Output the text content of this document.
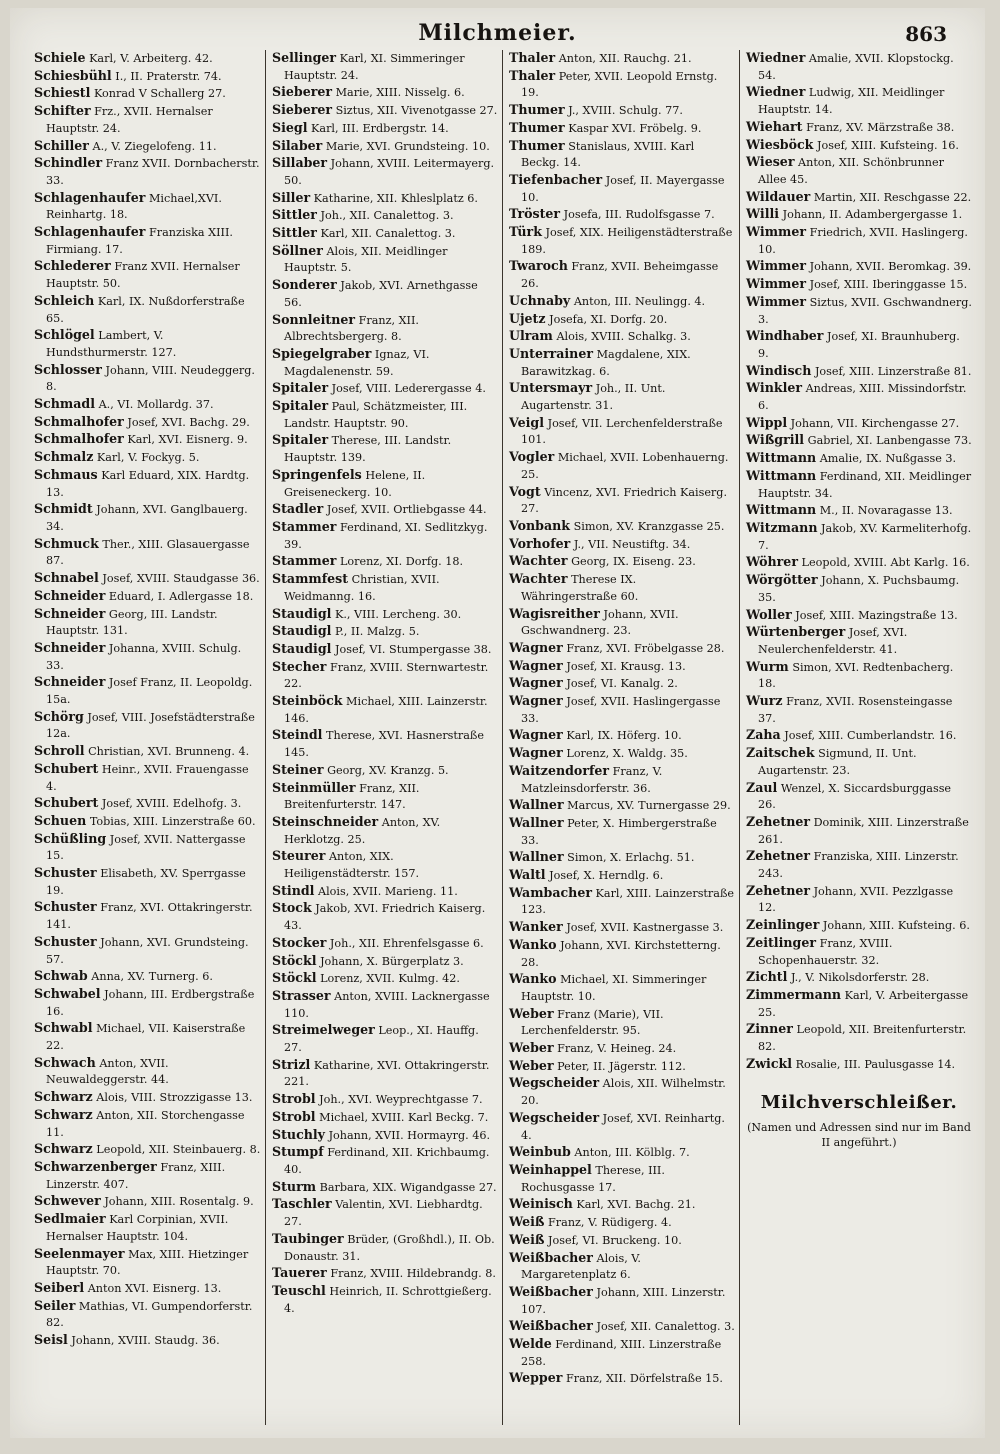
Milchmeier.	863

Schiele Karl, V. Arbeiterg. 42.

Schiesbühl I., II. Praterstr. 74.

Schiestl Konrad V Schallerg 27.

Schifter Frz., XVII. Hernalser Hauptstr. 24.

Schiller A., V. Ziegelofeng. 11.

Schindler Franz XVII. Dornbacherstr. 33.

Schlagenhaufer Michael,XVI. Reinhartg. 18.

Schlagenhaufer Franziska XIII. Firmiang. 17.

Schlederer Franz XVII. Hernalser Hauptstr. 50.

Schleich Karl, IX. Nußdorferstraße 65.

Schlögel Lambert, V. Hundsthurmerstr. 127.

Schlosser Johann, VIII. Neudeggerg. 8.

Schmadl A., VI. Mollardg. 37.

Schmalhofer Josef, XVI. Bachg. 29.

Schmalhofer Karl, XVI. Eisnerg. 9.

Schmalz Karl, V. Fockyg. 5.

Schmaus Karl Eduard, XIX. Hardtg. 13.

Schmidt Johann, XVI. Ganglbauerg. 34.

Schmuck Ther., XIII. Glasauergasse 87.

Schnabel Josef, XVIII. Staudgasse 36.

Schneider Eduard, I. Adlergasse 18.

Schneider Georg, III. Landstr. Hauptstr. 131.

Schneider Johanna, XVIII. Schulg. 33.

Schneider Josef Franz, II. Leopoldg. 15a.

Schörg Josef, VIII. Josefstädterstraße 12a.

Schroll Christian, XVI. Brunneng. 4.

Schubert Heinr., XVII. Frauengasse 4.

Schubert Josef, XVIII. Edelhofg. 3.

Schuen Tobias, XIII. Linzerstraße 60.

Schüßling Josef, XVII. Nattergasse 15.

Schuster Elisabeth, XV. Sperrgasse 19.

Schuster Franz, XVI. Ottakringerstr. 141.

Schuster Johann, XVI. Grundsteing. 57.

Schwab Anna, XV. Turnerg. 6.

Schwabel Johann, III. Erdbergstraße 16.

Schwabl Michael, VII. Kaiserstraße 22.

Schwach Anton, XVII. Neuwaldeggerstr. 44.

Schwarz Alois, VIII. Strozzigasse 13.

Schwarz Anton, XII. Storchengasse 11.

Schwarz Leopold, XII. Steinbauerg. 8.

Schwarzenberger Franz, XIII. Linzerstr. 407.

Schwever Johann, XIII. Rosentalg. 9.

Sedlmaier Karl Corpinian, XVII. Hernalser Hauptstr. 104.

Seelenmayer Max, XIII. Hietzinger Hauptstr. 70.

Seiberl Anton XVI. Eisnerg. 13.

Seiler Mathias, VI. Gumpendorferstr. 82.

Seisl Johann, XVIII. Staudg. 36.

Sellinger Karl, XI. Simmeringer Hauptstr. 24.

Sieberer Marie, XIII. Nisselg. 6.

Sieberer Siztus, XII. Vivenotgasse 27.

Siegl Karl, III. Erdbergstr. 14.

Silaber Marie, XVI. Grundsteing. 10.

Sillaber Johann, XVIII. Leitermayerg. 50.

Siller Katharine, XII. Khleslplatz 6.

Sittler Joh., XII. Canalettog. 3.

Sittler Karl, XII. Canalettog. 3.

Söllner Alois, XII. Meidlinger Hauptstr. 5.

Sonderer Jakob, XVI. Arnethgasse 56.

Sonnleitner Franz, XII. Albrechtsbergerg. 8.

Spiegelgraber Ignaz, VI. Magdalenenstr. 59.

Spitaler Josef, VIII. Lederergasse 4.

Spitaler Paul, Schätzmeister, III. Landstr. Hauptstr. 90.

Spitaler Therese, III. Landstr. Hauptstr. 139.

Springenfels Helene, II. Greiseneckerg. 10.

Stadler Josef, XVII. Ortliebgasse 44.

Stammer Ferdinand, XI. Sedlitzkyg. 39.

Stammer Lorenz, XI. Dorfg. 18.

Stammfest Christian, XVII. Weidmanng. 16.

Staudigl K., VIII. Lercheng. 30.

Staudigl P., II. Malzg. 5.

Staudigl Josef, VI. Stumpergasse 38.

Stecher Franz, XVIII. Sternwartestr. 22.

Steinböck Michael, XIII. Lainzerstr. 146.

Steindl Therese, XVI. Hasnerstraße 145.

Steiner Georg, XV. Kranzg. 5.

Steinmüller Franz, XII. Breitenfurterstr. 147.

Steinschneider Anton, XV. Herklotzg. 25.

Steurer Anton, XIX. Heiligenstädterstr. 157.

Stindl Alois, XVII. Marieng. 11.

Stock Jakob, XVI. Friedrich Kaiserg. 43.

Stocker Joh., XII. Ehrenfelsgasse 6.

Stöckl Johann, X. Bürgerplatz 3.

Stöckl Lorenz, XVII. Kulmg. 42.

Strasser Anton, XVIII. Lacknergasse 110.

Streimelweger Leop., XI. Hauffg. 27.

Strizl Katharine, XVI. Ottakringerstr. 221.

Strobl Joh., XVI. Weyprechtgasse 7.

Strobl Michael, XVIII. Karl Beckg. 7.

Stuchly Johann, XVII. Hormayrg. 46.

Stumpf Ferdinand, XII. Krichbaumg. 40.

Sturm Barbara, XIX. Wigandgasse 27.

Taschler Valentin, XVI. Liebhardtg. 27.

Taubinger Brüder, (Großhdl.), II. Ob. Donaustr. 31.

Tauerer Franz, XVIII. Hildebrandg. 8.

Teuschl Heinrich, II. Schrottgießerg. 4.

Thaler Anton, XII. Rauchg. 21.

Thaler Peter, XVII. Leopold Ernstg. 19.

Thumer J., XVIII. Schulg. 77.

Thumer Kaspar XVI. Fröbelg. 9.

Thumer Stanislaus, XVIII. Karl Beckg. 14.

Tiefenbacher Josef, II. Mayergasse 10.

Tröster Josefa, III. Rudolfsgasse 7.

Türk Josef, XIX. Heiligenstädterstraße 189.

Twaroch Franz, XVII. Beheimgasse 26.

Uchnaby Anton, III. Neulingg. 4.

Ujetz Josefa, XI. Dorfg. 20.

Ulram Alois, XVIII. Schalkg. 3.

Unterrainer Magdalene, XIX. Barawitzkag. 6.

Untersmayr Joh., II. Unt. Augartenstr. 31.

Veigl Josef, VII. Lerchenfelderstraße 101.

Vogler Michael, XVII. Lobenhauerng. 25.

Vogt Vincenz, XVI. Friedrich Kaiserg. 27.

Vonbank Simon, XV. Kranzgasse 25.

Vorhofer J., VII. Neustiftg. 34.

Wachter Georg, IX. Eiseng. 23.

Wachter Therese IX. Währingerstraße 60.

Wagisreither Johann, XVII. Gschwandnerg. 23.

Wagner Franz, XVI. Fröbelgasse 28.

Wagner Josef, XI. Krausg. 13.

Wagner Josef, VI. Kanalg. 2.

Wagner Josef, XVII. Haslingergasse 33.

Wagner Karl, IX. Höferg. 10.

Wagner Lorenz, X. Waldg. 35.

Waitzendorfer Franz, V. Matzleinsdorferstr. 36.

Wallner Marcus, XV. Turnergasse 29.

Wallner Peter, X. Himbergerstraße 33.

Wallner Simon, X. Erlachg. 51.

Waltl Josef, X. Herndlg. 6.

Wambacher Karl, XIII. Lainzerstraße 123.

Wanker Josef, XVII. Kastnergasse 3.

Wanko Johann, XVI. Kirchstetterng. 28.

Wanko Michael, XI. Simmeringer Hauptstr. 10.

Weber Franz (Marie), VII. Lerchenfelderstr. 95.

Weber Franz, V. Heineg. 24.

Weber Peter, II. Jägerstr. 112.

Wegscheider Alois, XII. Wilhelmstr. 20.

Wegscheider Josef, XVI. Reinhartg. 4.

Weinbub Anton, III. Kölblg. 7.

Weinhappel Therese, III. Rochusgasse 17.

Weinisch Karl, XVI. Bachg. 21.

Weiß Franz, V. Rüdigerg. 4.

Weiß Josef, VI. Bruckeng. 10.

Weißbacher Alois, V. Margaretenplatz 6.

Weißbacher Johann, XIII. Linzerstr. 107.

Weißbacher Josef, XII. Canalettog. 3.

Welde Ferdinand, XIII. Linzerstraße 258.

Wepper Franz, XII. Dörfelstraße 15.

Wiedner Amalie, XVII. Klopstockg. 54.

Wiedner Ludwig, XII. Meidlinger Hauptstr. 14.

Wiehart Franz, XV. Märzstraße 38.

Wiesböck Josef, XIII. Kufsteing. 16.

Wieser Anton, XII. Schönbrunner Allee 45.

Wildauer Martin, XII. Reschgasse 22.

Willi Johann, II. Adambergergasse 1.

Wimmer Friedrich, XVII. Haslingerg. 10.

Wimmer Johann, XVII. Beromkag. 39.

Wimmer Josef, XIII. Iberinggasse 15.

Wimmer Siztus, XVII. Gschwandnerg. 3.

Windhaber Josef, XI. Braunhuberg. 9.

Windisch Josef, XIII. Linzerstraße 81.

Winkler Andreas, XIII. Missindorfstr. 6.

Wippl Johann, VII. Kirchengasse 27.

Wißgrill Gabriel, XI. Lanbengasse 73.

Wittmann Amalie, IX. Nußgasse 3.

Wittmann Ferdinand, XII. Meidlinger Hauptstr. 34.

Wittmann M., II. Novaragasse 13.

Witzmann Jakob, XV. Karmeliterhofg. 7.

Wöhrer Leopold, XVIII. Abt Karlg. 16.

Wörgötter Johann, X. Puchsbaumg. 35.

Woller Josef, XIII. Mazingstraße 13.

Würtenberger Josef, XVI. Neulerchenfelderstr. 41.

Wurm Simon, XVI. Redtenbacherg. 18.

Wurz Franz, XVII. Rosensteingasse 37.

Zaha Josef, XIII. Cumberlandstr. 16.

Zaitschek Sigmund, II. Unt. Augartenstr. 23.

Zaul Wenzel, X. Siccardsburggasse 26.

Zehetner Dominik, XIII. Linzerstraße 261.

Zehetner Franziska, XIII. Linzerstr. 243.

Zehetner Johann, XVII. Pezzlgasse 12.

Zeinlinger Johann, XIII. Kufsteing. 6.

Zeitlinger Franz, XVIII. Schopenhauerstr. 32.

Zichtl J., V. Nikolsdorferstr. 28.

Zimmermann Karl, V. Arbeitergasse 25.

Zinner Leopold, XII. Breitenfurterstr. 82.

Zwickl Rosalie, III. Paulusgasse 14.

Milchverschleißer.
(Namen und Adressen sind nur im Band II angeführt.)
